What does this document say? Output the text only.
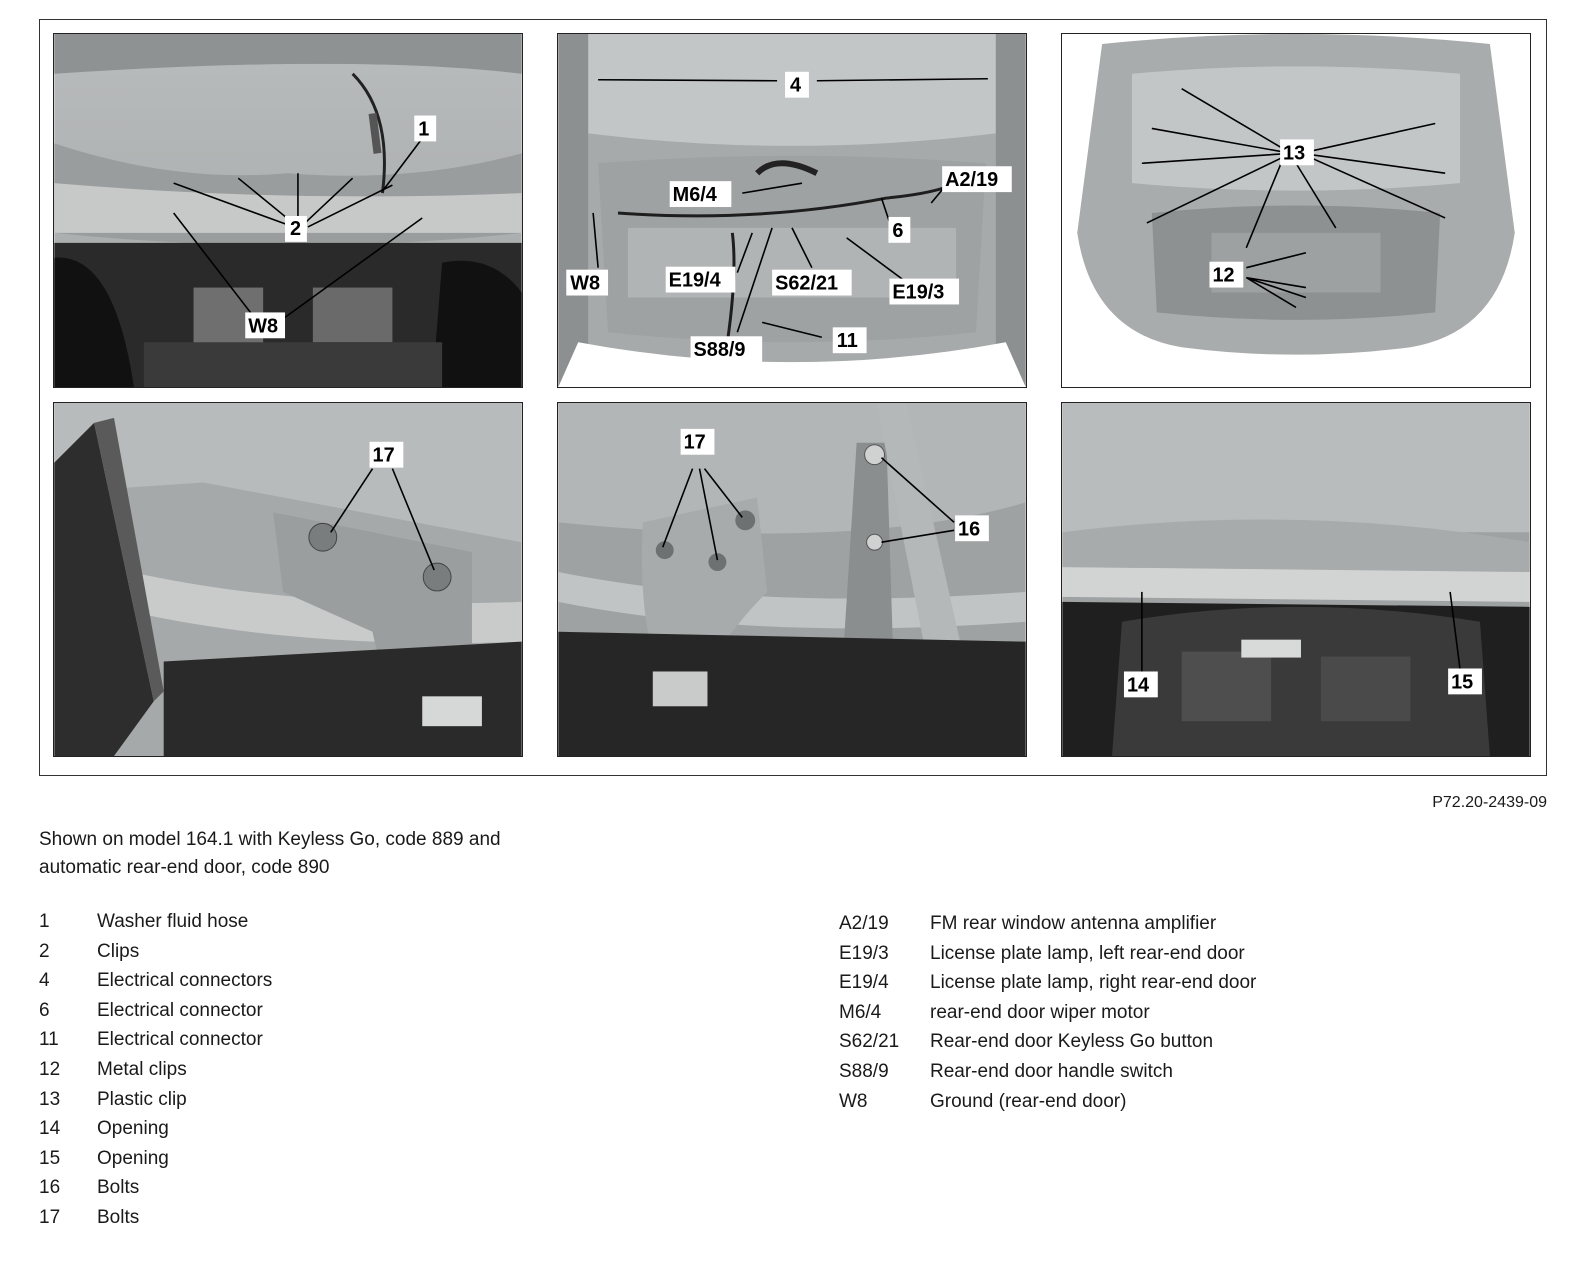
1
2
W8
4
M6/4
A2/19
6
W8	E19/4	S62/21	E19/3
S88/9	11
13
12
17
17
16
14	15
P72.20-2439-09
Shown on model 164.1 with Keyless Go, code 889 and
automatic rear-end door, code 890
1	Washer fluid hose
2	Clips
4	Electrical connectors
6	Electrical connector
11	Electrical connector
12	Metal clips
13	Plastic clip
14	Opening
15	Opening
16	Bolts
17	Bolts
A2/19	FM rear window antenna amplifier
E19/3	License plate lamp, left rear-end door
E19/4	License plate lamp, right rear-end door
M6/4	rear-end door wiper motor
S62/21	Rear-end door Keyless Go button
S88/9	Rear-end door handle switch
W8	Ground (rear-end door)
